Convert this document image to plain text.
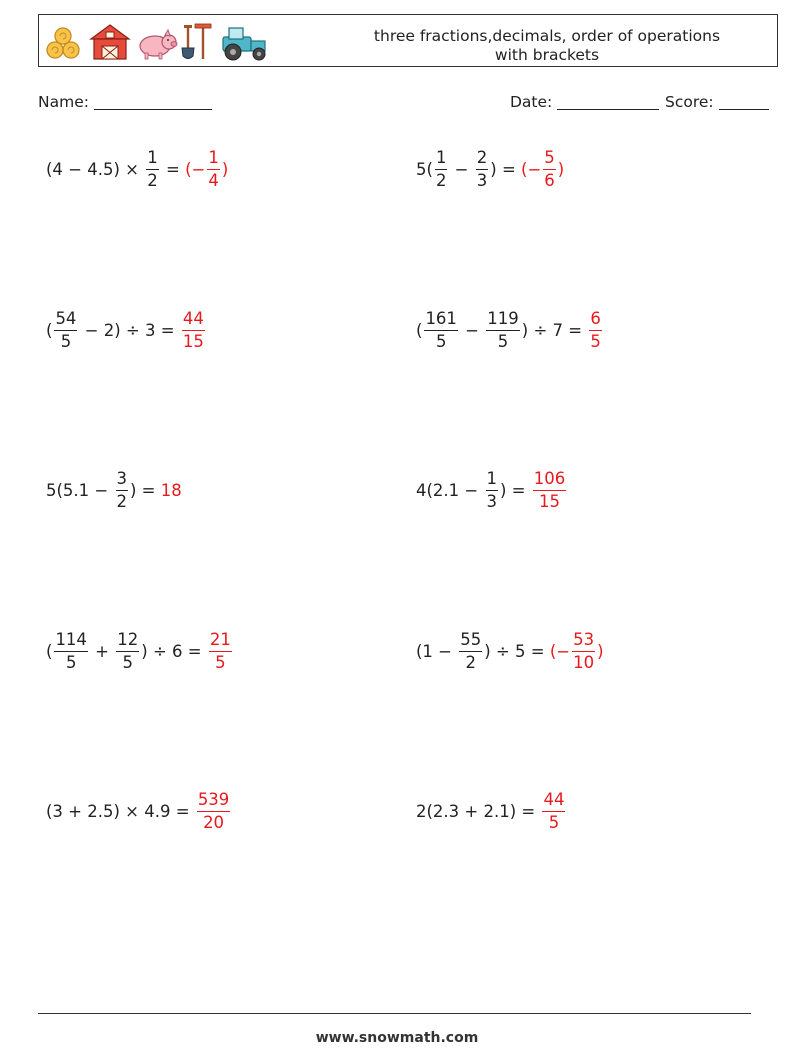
three fractions,decimals, order of operations
with brackets
Name:	Date:	Score:
$(4 - 4.5) \times \frac{1}{2}$ = (− $\frac{1}{4}$ )	$5( \frac{1}{2} - \frac{2}{3}$ ) = (− $\frac{5}{6}$ )
( $\frac{54}{5} - 2) \div 3 = \frac{44}{15}$	( $\frac{161}{5} - \frac{119}{5}$ ) ÷ $7 = \frac{6}{5}$
$5(5.1 - \frac{3}{2}$ ) = 18	$4(2.1 - \frac{1}{3}$ ) = $\frac{106}{15}$
( $\frac{114}{5} + \frac{12}{5}$ ) ÷ $6 = \frac{21}{5}$	($1 - \frac{55}{2}$ ) ÷ 5 = (− $\frac{53}{10}$ )
$(3 + 2.5) \times 4.9 = \frac{539}{20}$	$2(2.3 + 2.1) = \frac{44}{5}$
www.snowmath.com
